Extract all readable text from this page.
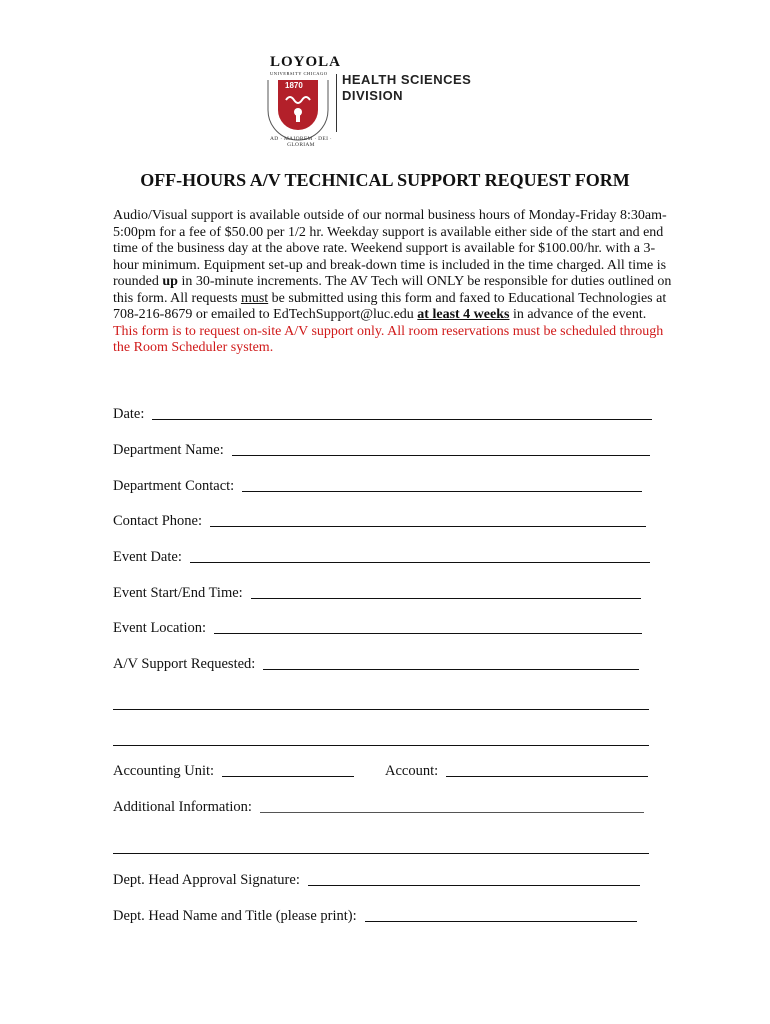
LOYOLA
UNIVERSITY CHICAGO
1870
AD · MAIOREM · DEI · GLORIAM
HEALTH SCIENCES
DIVISION
OFF-HOURS A/V TECHNICAL SUPPORT REQUEST FORM

Audio/Visual support is available outside of our normal business hours of Monday-Friday 8:30am-5:00pm for a fee of $50.00 per 1/2 hr. Weekday support is available either side of the start and end time of the business day at the above rate. Weekend support is available for $100.00/hr. with a 3-hour minimum. Equipment set-up and break-down time is included in the time charged. All time is rounded up in 30-minute increments. The AV Tech will ONLY be responsible for duties outlined on this form. All requests must be submitted using this form and faxed to Educational Technologies at 708-216-8679 or emailed to EdTechSupport@luc.edu at least 4 weeks in advance of the event.

This form is to request on-site A/V support only. All room reservations must be scheduled through the Room Scheduler system.

Date:
Department Name:
Department Contact:
Contact Phone:
Event Date:
Event Start/End Time:
Event Location:
A/V Support Requested:
Accounting Unit:	Account:
Additional Information:
Dept. Head Approval Signature:
Dept. Head Name and Title (please print):
